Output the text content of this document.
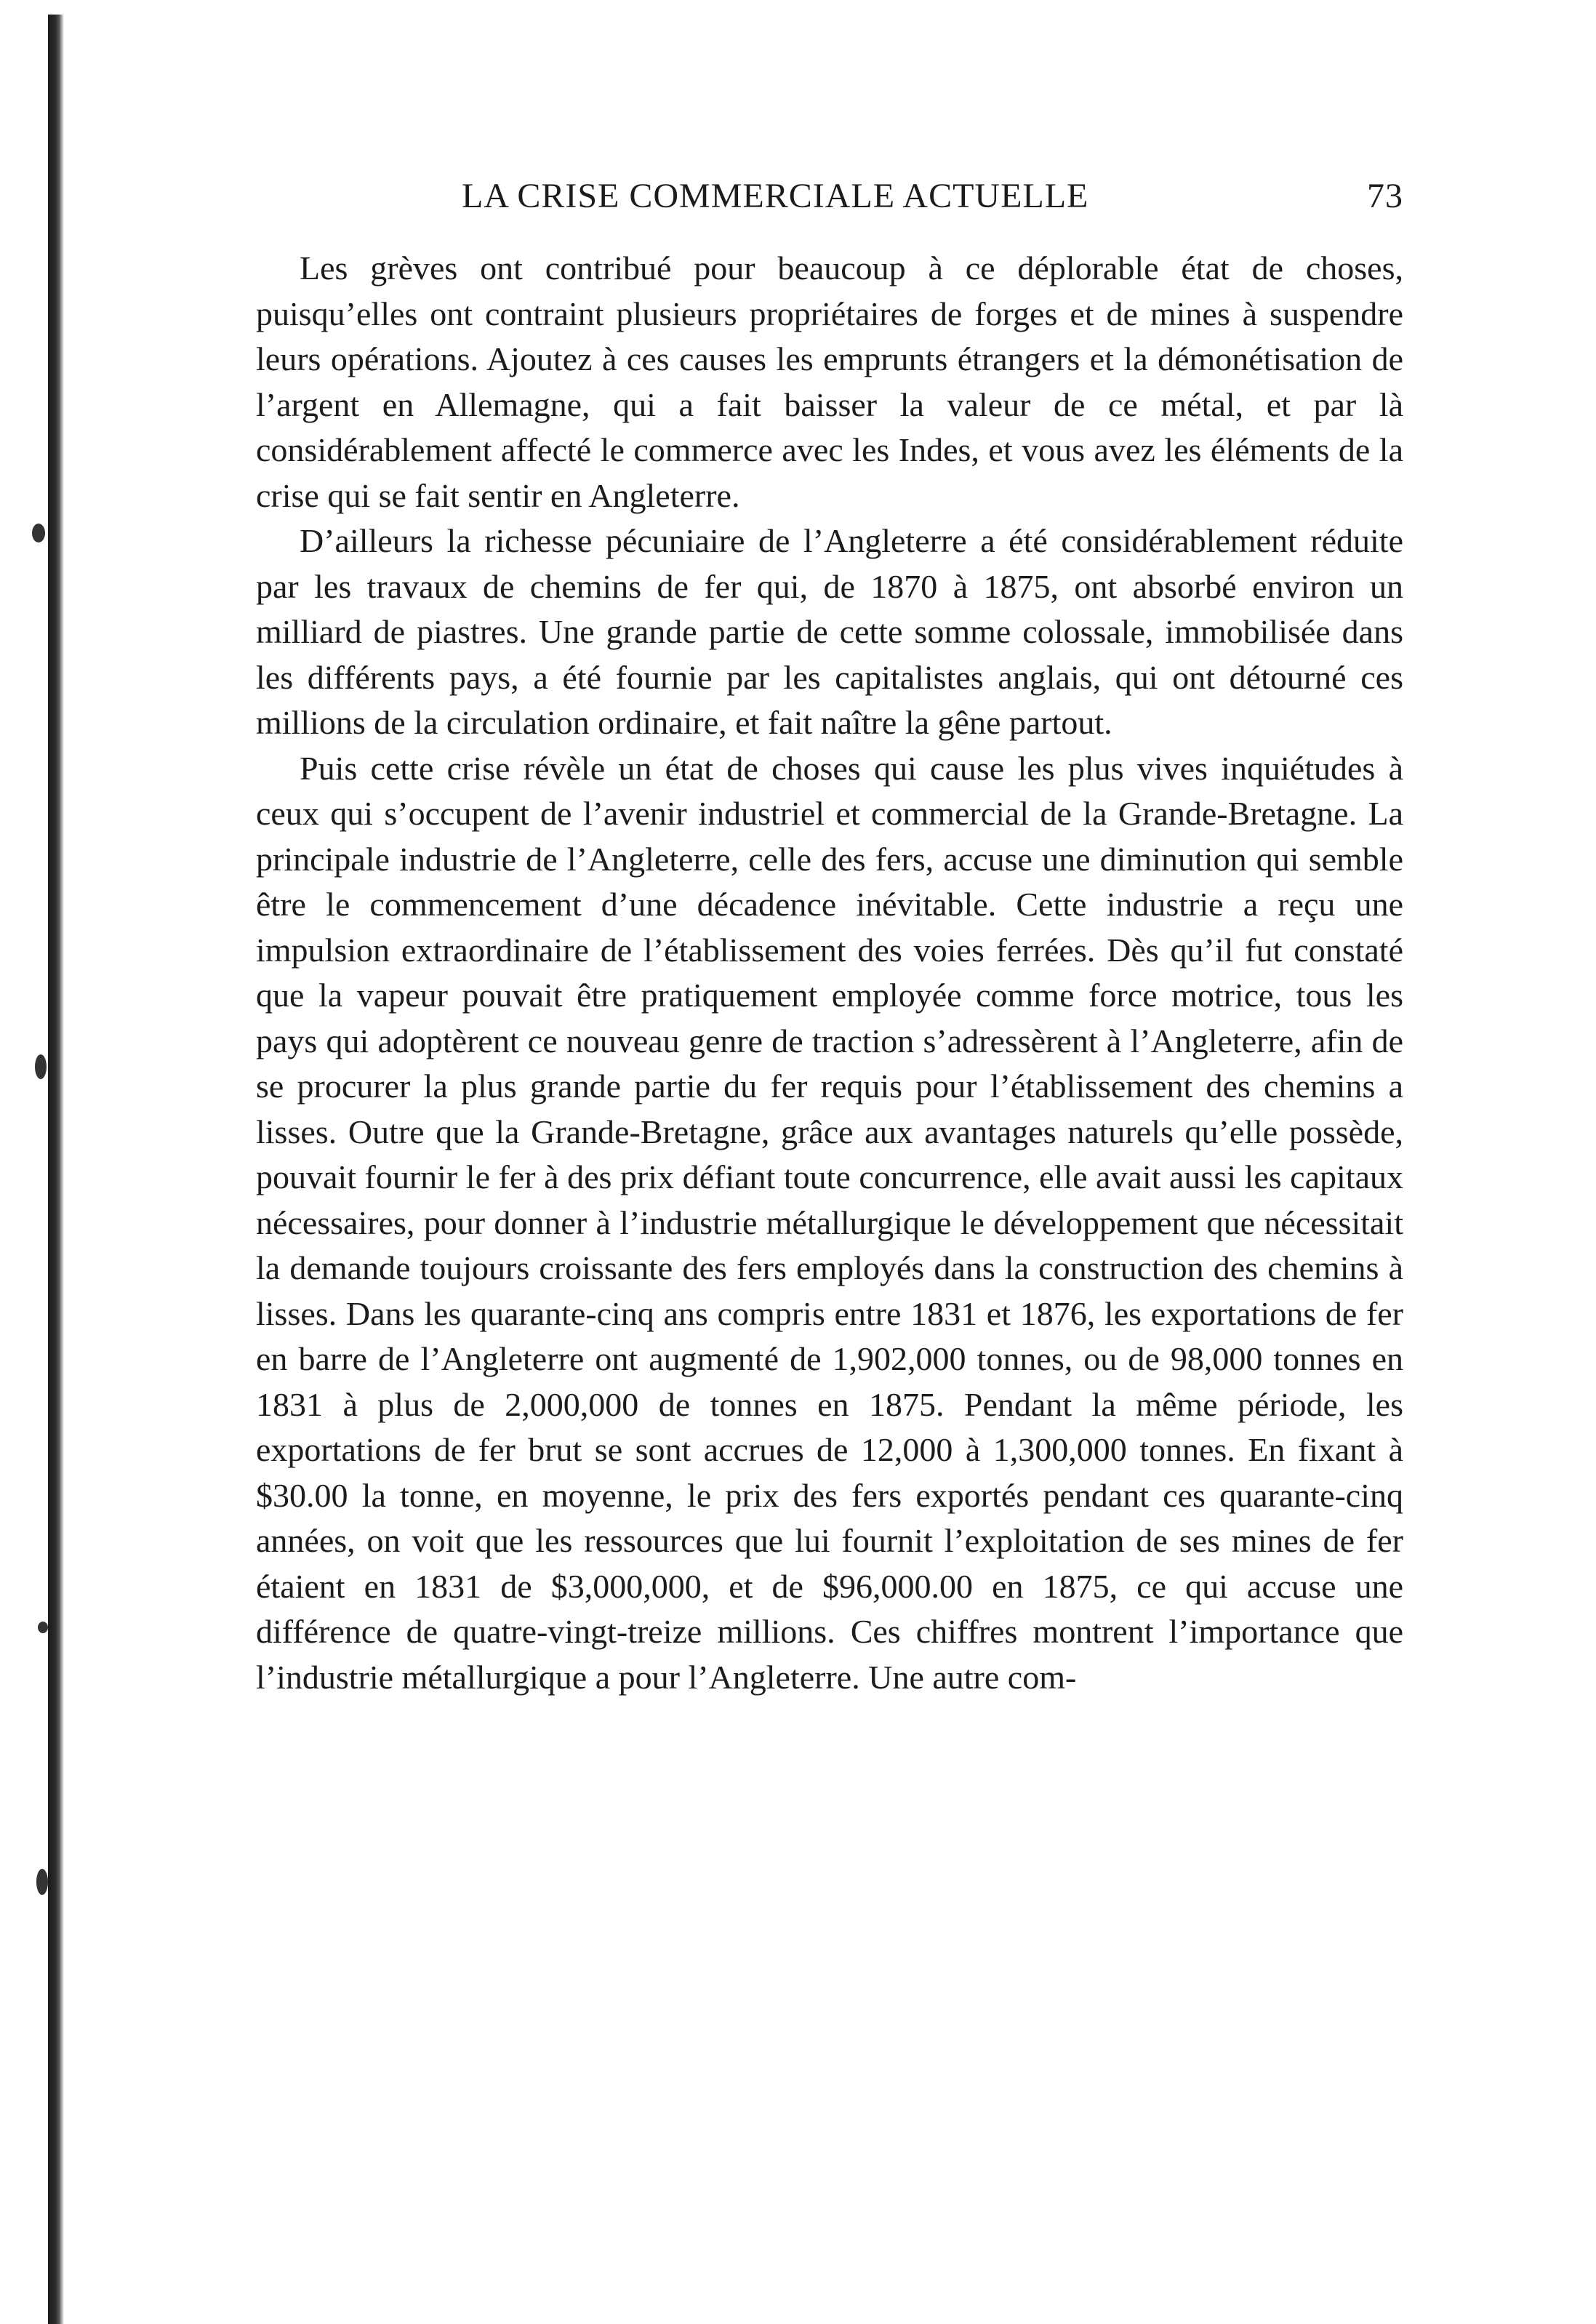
LA CRISE COMMERCIALE ACTUELLE	73

Les grèves ont contribué pour beaucoup à ce déplorable état de choses, puisqu’elles ont contraint plusieurs propriétaires de forges et de mines à suspendre leurs opérations. Ajoutez à ces causes les emprunts étrangers et la démonétisation de l’argent en Allemagne, qui a fait baisser la valeur de ce métal, et par là considérablement affecté le commerce avec les Indes, et vous avez les éléments de la crise qui se fait sentir en Angleterre.

D’ailleurs la richesse pécuniaire de l’Angleterre a été considérablement réduite par les travaux de chemins de fer qui, de 1870 à 1875, ont absorbé environ un milliard de piastres. Une grande partie de cette somme colossale, immobilisée dans les différents pays, a été fournie par les capitalistes anglais, qui ont détourné ces millions de la circulation ordinaire, et fait naître la gêne partout.

Puis cette crise révèle un état de choses qui cause les plus vives inquiétudes à ceux qui s’occupent de l’avenir industriel et commercial de la Grande-Bretagne. La principale industrie de l’Angleterre, celle des fers, accuse une diminution qui semble être le commencement d’une décadence inévitable. Cette industrie a reçu une impulsion extraordinaire de l’établissement des voies ferrées. Dès qu’il fut constaté que la vapeur pouvait être pratiquement employée comme force motrice, tous les pays qui adoptèrent ce nouveau genre de traction s’adressèrent à l’Angleterre, afin de se procurer la plus grande partie du fer requis pour l’établissement des chemins a lisses. Outre que la Grande-Bretagne, grâce aux avantages naturels qu’elle possède, pouvait fournir le fer à des prix défiant toute concurrence, elle avait aussi les capitaux nécessaires, pour donner à l’industrie métallurgique le développement que nécessitait la demande toujours croissante des fers employés dans la construction des chemins à lisses. Dans les quarante-cinq ans compris entre 1831 et 1876, les exportations de fer en barre de l’Angleterre ont augmenté de 1,902,000 tonnes, ou de 98,000 tonnes en 1831 à plus de 2,000,000 de tonnes en 1875. Pendant la même période, les exportations de fer brut se sont accrues de 12,000 à 1,300,000 tonnes. En fixant à $30.00 la tonne, en moyenne, le prix des fers exportés pendant ces quarante-cinq années, on voit que les ressources que lui fournit l’exploitation de ses mines de fer étaient en 1831 de $3,000,000, et de $96,000.00 en 1875, ce qui accuse une différence de quatre-vingt-treize millions. Ces chiffres montrent l’importance que l’industrie métallurgique a pour l’Angleterre. Une autre com-
